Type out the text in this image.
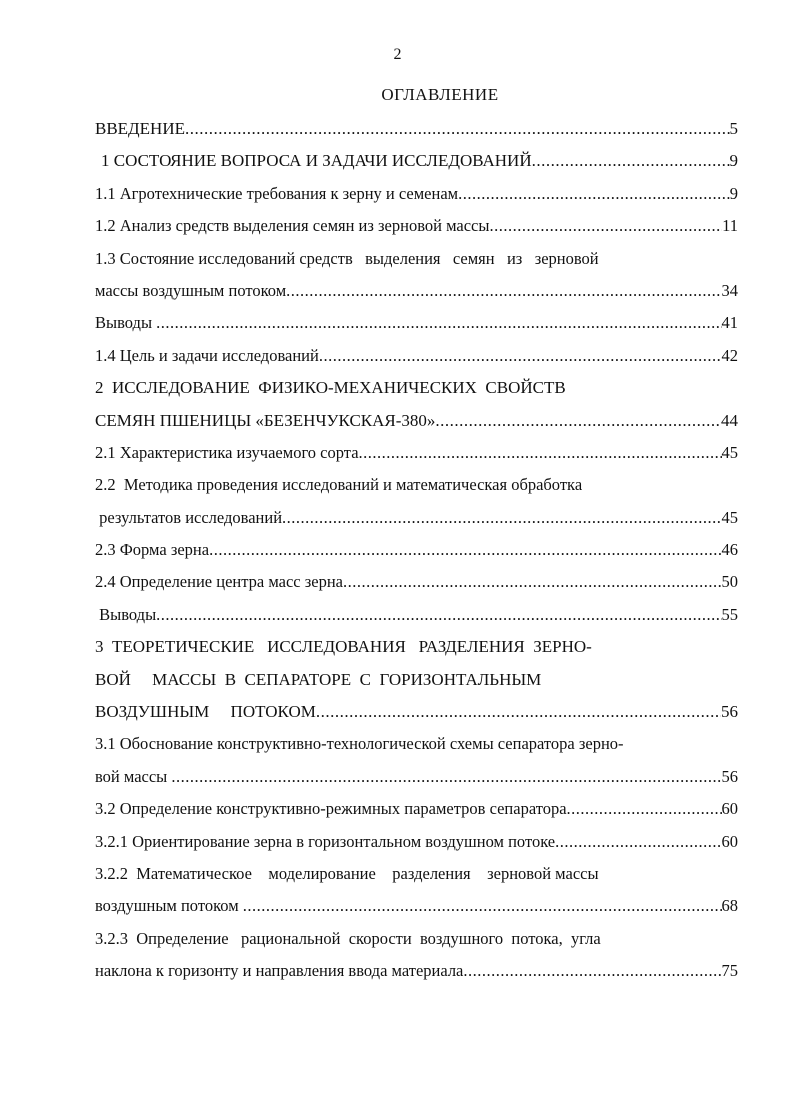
2
ОГЛАВЛЕНИЕ
ВВЕДЕНИЕ .....	5
1 СОСТОЯНИЕ ВОПРОСА И ЗАДАЧИ ИССЛЕДОВАНИЙ .....	9
1.1 Агротехнические требования к зерну и семенам .....	9
1.2 Анализ средств выделения семян из зерновой массы .....	11
1.3 Состояние исследований средств   выделения   семян   из   зерновой
массы воздушным потоком .....	34
Выводы .....	41
1.4 Цель и задачи исследований .....	42
2  ИССЛЕДОВАНИЕ  ФИЗИКО-МЕХАНИЧЕСКИХ  СВОЙСТВ
СЕМЯН ПШЕНИЦЫ «БЕЗЕНЧУКСКАЯ-380» .....	44
2.1 Характеристика изучаемого сорта .....	45
2.2  Методика проведения исследований и математическая обработка
результатов исследований .....	45
2.3 Форма зерна .....	46
2.4 Определение центра масс зерна .....	50
Выводы .....	55
3  ТЕОРЕТИЧЕСКИЕ   ИССЛЕДОВАНИЯ   РАЗДЕЛЕНИЯ  ЗЕРНО-
ВОЙ     МАССЫ  В  СЕПАРАТОРЕ  С  ГОРИЗОНТАЛЬНЫМ
ВОЗДУШНЫМ     ПОТОКОМ .....	56
3.1 Обоснование конструктивно-технологической схемы сепаратора зерно-
вой массы .....	56
3.2 Определение конструктивно-режимных параметров сепаратора .....	60
3.2.1 Ориентирование зерна в горизонтальном воздушном потоке .....	60
3.2.2  Математическое    моделирование    разделения    зерновой массы
воздушным потоком .....	68
3.2.3  Определение   рациональной  скорости  воздушного  потока,  угла
наклона к горизонту и направления ввода материала .....	75
